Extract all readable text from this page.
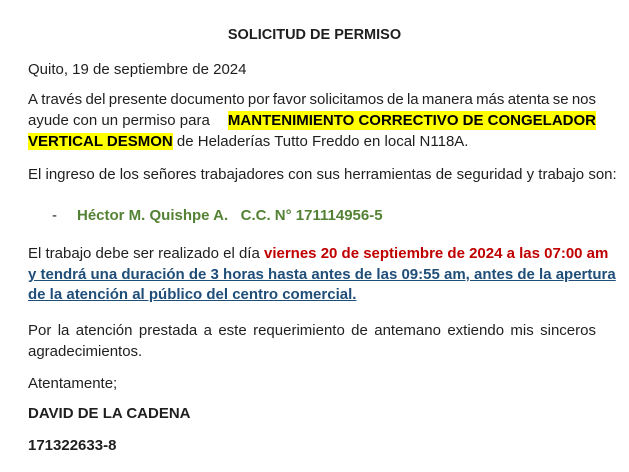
SOLICITUD DE PERMISO
Quito, 19 de septiembre de 2024
A través del presente documento por favor solicitamos de la manera más atenta se nos
ayude con un permiso para MANTENIMIENTO CORRECTIVO DE CONGELADOR
VERTICAL DESMON de Heladerías Tutto Freddo en local N118A.
El ingreso de los señores trabajadores con sus herramientas de seguridad y trabajo son:
- Héctor M. Quishpe A.   C.C. N° 171114956-5
El trabajo debe ser realizado el día viernes 20 de septiembre de 2024 a las 07:00 am
y tendrá una duración de 3 horas hasta antes de las 09:55 am, antes de la apertura
de la atención al público del centro comercial.
Por la atención prestada a este requerimiento de antemano extiendo mis sinceros
agradecimientos.
Atentamente;
DAVID DE LA CADENA
171322633-8
